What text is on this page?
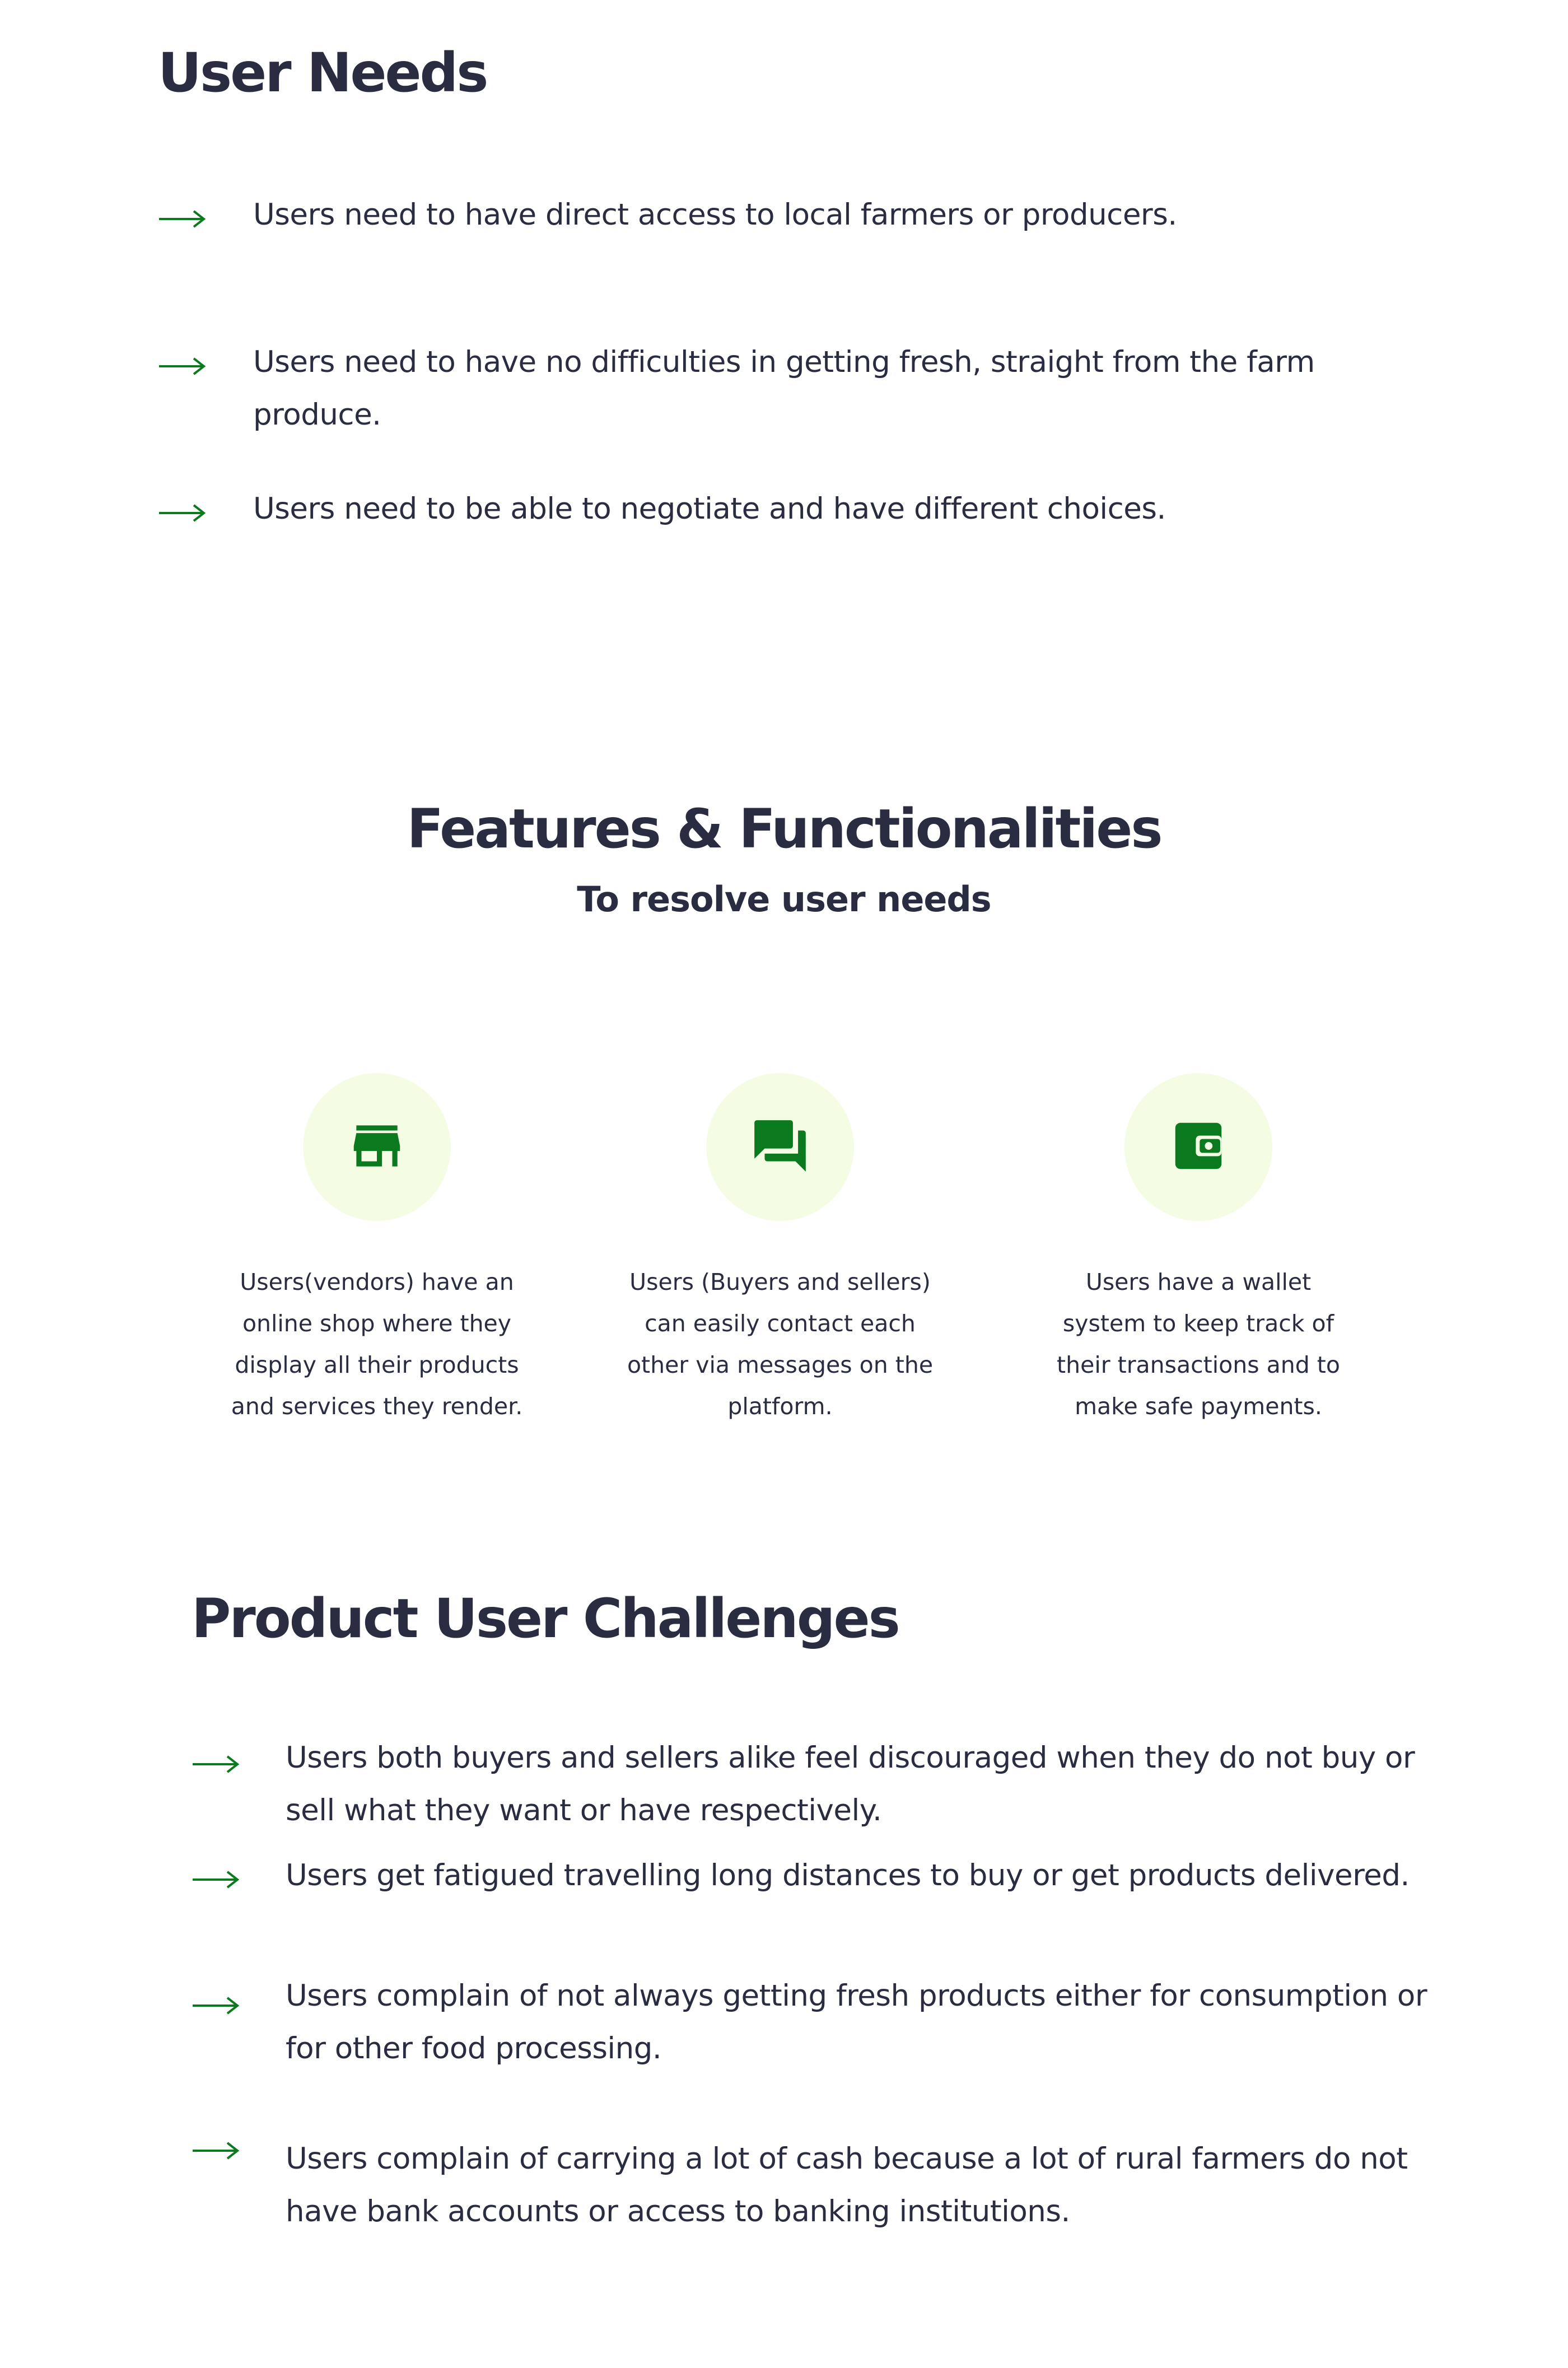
User Needs
Users need to have direct access to local farmers or producers.
Users need to have no difficulties in getting fresh, straight from the farm produce.
Users need to be able to negotiate and have different choices.
Features & Functionalities
To resolve user needs
Users(vendors) have an online shop where they display all their products and services they render.
Users (Buyers and sellers) can easily contact each other via messages on the platform.
Users have a wallet system to keep track of their transactions and to make safe payments.
Product User Challenges
Users both buyers and sellers alike feel discouraged when they do not buy or sell what they want or have respectively.
Users get fatigued travelling long distances to buy or get products delivered.
Users complain of not always getting fresh products either for consumption or for other food processing.
Users complain of carrying a lot of cash because a lot of rural farmers do not have bank accounts or access to banking institutions.
